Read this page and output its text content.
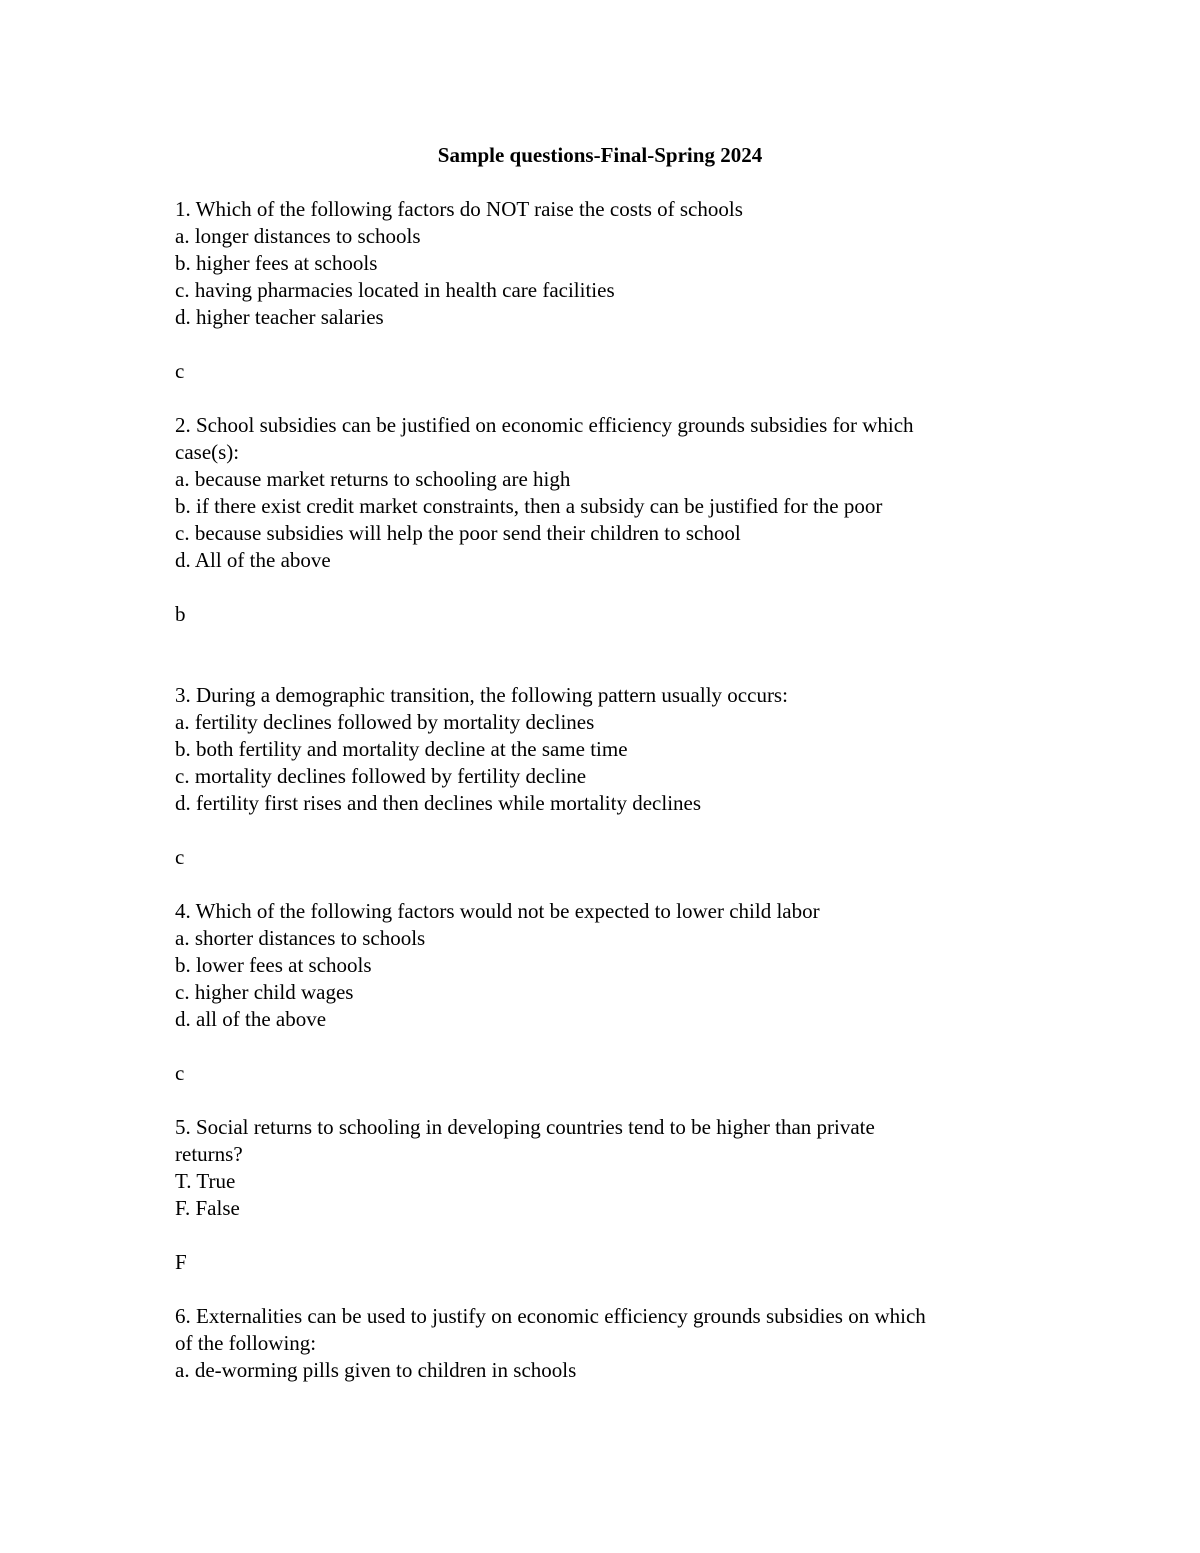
Sample questions-Final-Spring 2024
1. Which of the following factors do NOT raise the costs of schools
a. longer distances to schools
b. higher fees at schools
c. having pharmacies located in health care facilities
d. higher teacher salaries
c
2. School subsidies can be justified on economic efficiency grounds subsidies for which
case(s):
a. because market returns to schooling are high
b. if there exist credit market constraints, then a subsidy can be justified for the poor
c. because subsidies will help the poor send their children to school
d. All of the above
b
3. During a demographic transition, the following pattern usually occurs:
a. fertility declines followed by mortality declines
b. both fertility and mortality decline at the same time
c. mortality declines followed by fertility decline
d. fertility first rises and then declines while mortality declines
c
4. Which of the following factors would not be expected to lower child labor
a. shorter distances to schools
b. lower fees at schools
c. higher child wages
d. all of the above
c
5. Social returns to schooling in developing countries tend to be higher than private
returns?
T. True
F. False
F
6. Externalities can be used to justify on economic efficiency grounds subsidies on which
of the following:
a. de-worming pills given to children in schools
